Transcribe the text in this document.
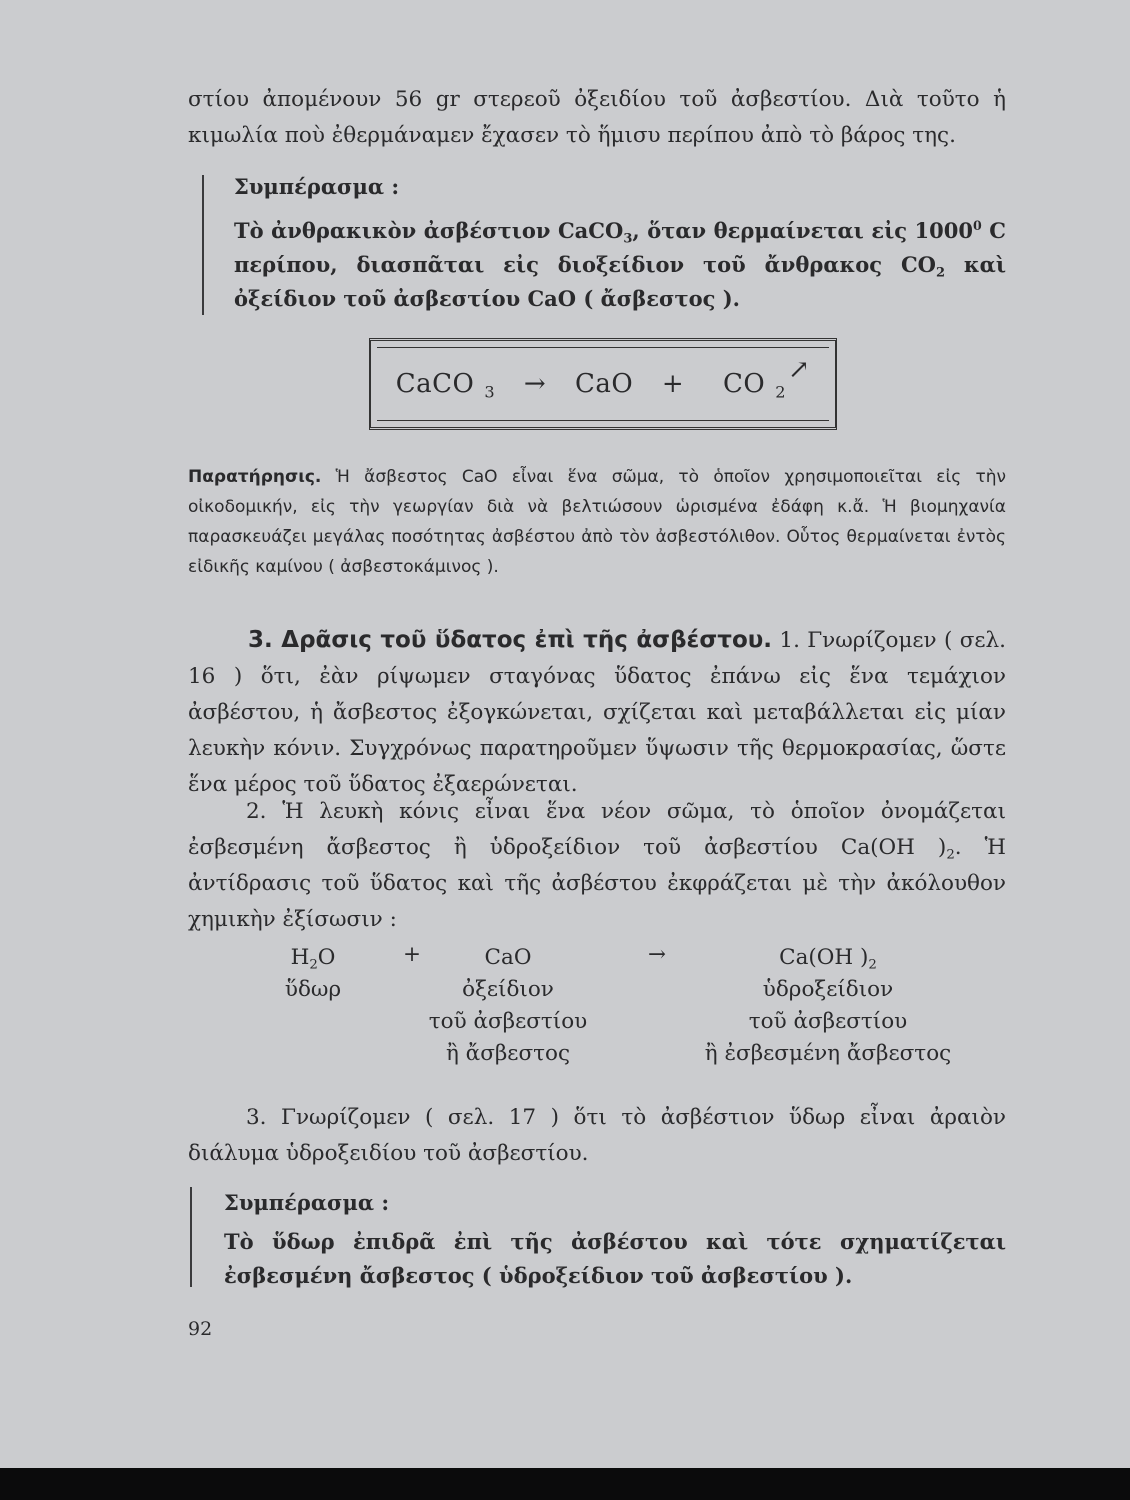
στίου ἀπομένουν 56 gr στερεοῦ ὀξειδίου τοῦ ἀσβεστίου. Διὰ τοῦτο ἡ κιμωλία ποὺ ἐθερμάναμεν ἔχασεν τὸ ἥμισυ περίπου ἀπὸ τὸ βάρος της.
Συμπέρασμα :
Τὸ ἀνθρακικὸν ἀσβέστιον CaCO$_3$, ὅταν θερμαίνεται εἰς 1000$^0$ C περίπου, διασπᾶται εἰς διοξείδιον τοῦ ἄνθρακος $CO_2$ καὶ ὀξείδιον τοῦ ἀσβεστίου CaO ( ἄσβεστος ).
CaCO $_3$ → CaO + CO $_2$↗
Παρατήρησις. Ἡ ἄσβεστος CaO εἶναι ἕνα σῶμα, τὸ ὁποῖον χρησιμοποιεῖται εἰς τὴν οἰκοδομικήν, εἰς τὴν γεωργίαν διὰ νὰ βελτιώσουν ὡρισμένα ἐδάφη κ.ἄ. Ἡ βιομηχανία παρασκευάζει μεγάλας ποσότητας ἀσβέστου ἀπὸ τὸν ἀσβεστόλιθον. Οὗτος θερμαίνεται ἐντὸς εἰδικῆς καμίνου ( ἀσβεστοκάμινος ).
3. Δρᾶσις τοῦ ὕδατος ἐπὶ τῆς ἀσβέστου. 1. Γνωρίζομεν ( σελ. 16 ) ὅτι, ἐὰν ρίψωμεν σταγόνας ὕδατος ἐπάνω εἰς ἕνα τεμάχιον ἀσβέστου, ἡ ἄσβεστος ἐξογκώνεται, σχίζεται καὶ μεταβάλλεται εἰς μίαν λευκὴν κόνιν. Συγχρόνως παρατηροῦμεν ὕψωσιν τῆς θερμοκρασίας, ὥστε ἕνα μέρος τοῦ ὕδατος ἐξαερώνεται.
2. Ἡ λευκὴ κόνις εἶναι ἕνα νέον σῶμα, τὸ ὁποῖον ὀνομάζεται ἐσβεσμένη ἄσβεστος ἢ ὑδροξείδιον τοῦ ἀσβεστίου Ca(OH )$_2$. Ἡ ἀντίδρασις τοῦ ὕδατος καὶ τῆς ἀσβέστου ἐκφράζεται μὲ τὴν ἀκόλουθον χημικὴν ἐξίσωσιν :
$H_2O$
ὕδωρ
+	CaO
ὀξείδιον
τοῦ ἀσβεστίου
ἢ ἄσβεστος
→	Ca(OH )$_2$
ὑδροξείδιον
τοῦ ἀσβεστίου
ἢ ἐσβεσμένη ἄσβεστος
3. Γνωρίζομεν ( σελ. 17 ) ὅτι τὸ ἀσβέστιον ὕδωρ εἶναι ἀραιὸν διάλυμα ὑδροξειδίου τοῦ ἀσβεστίου.
Συμπέρασμα :
Τὸ ὕδωρ ἐπιδρᾶ ἐπὶ τῆς ἀσβέστου καὶ τότε σχηματίζεται ἐσβεσμένη ἄσβεστος ( ὑδροξείδιον τοῦ ἀσβεστίου ).
92
